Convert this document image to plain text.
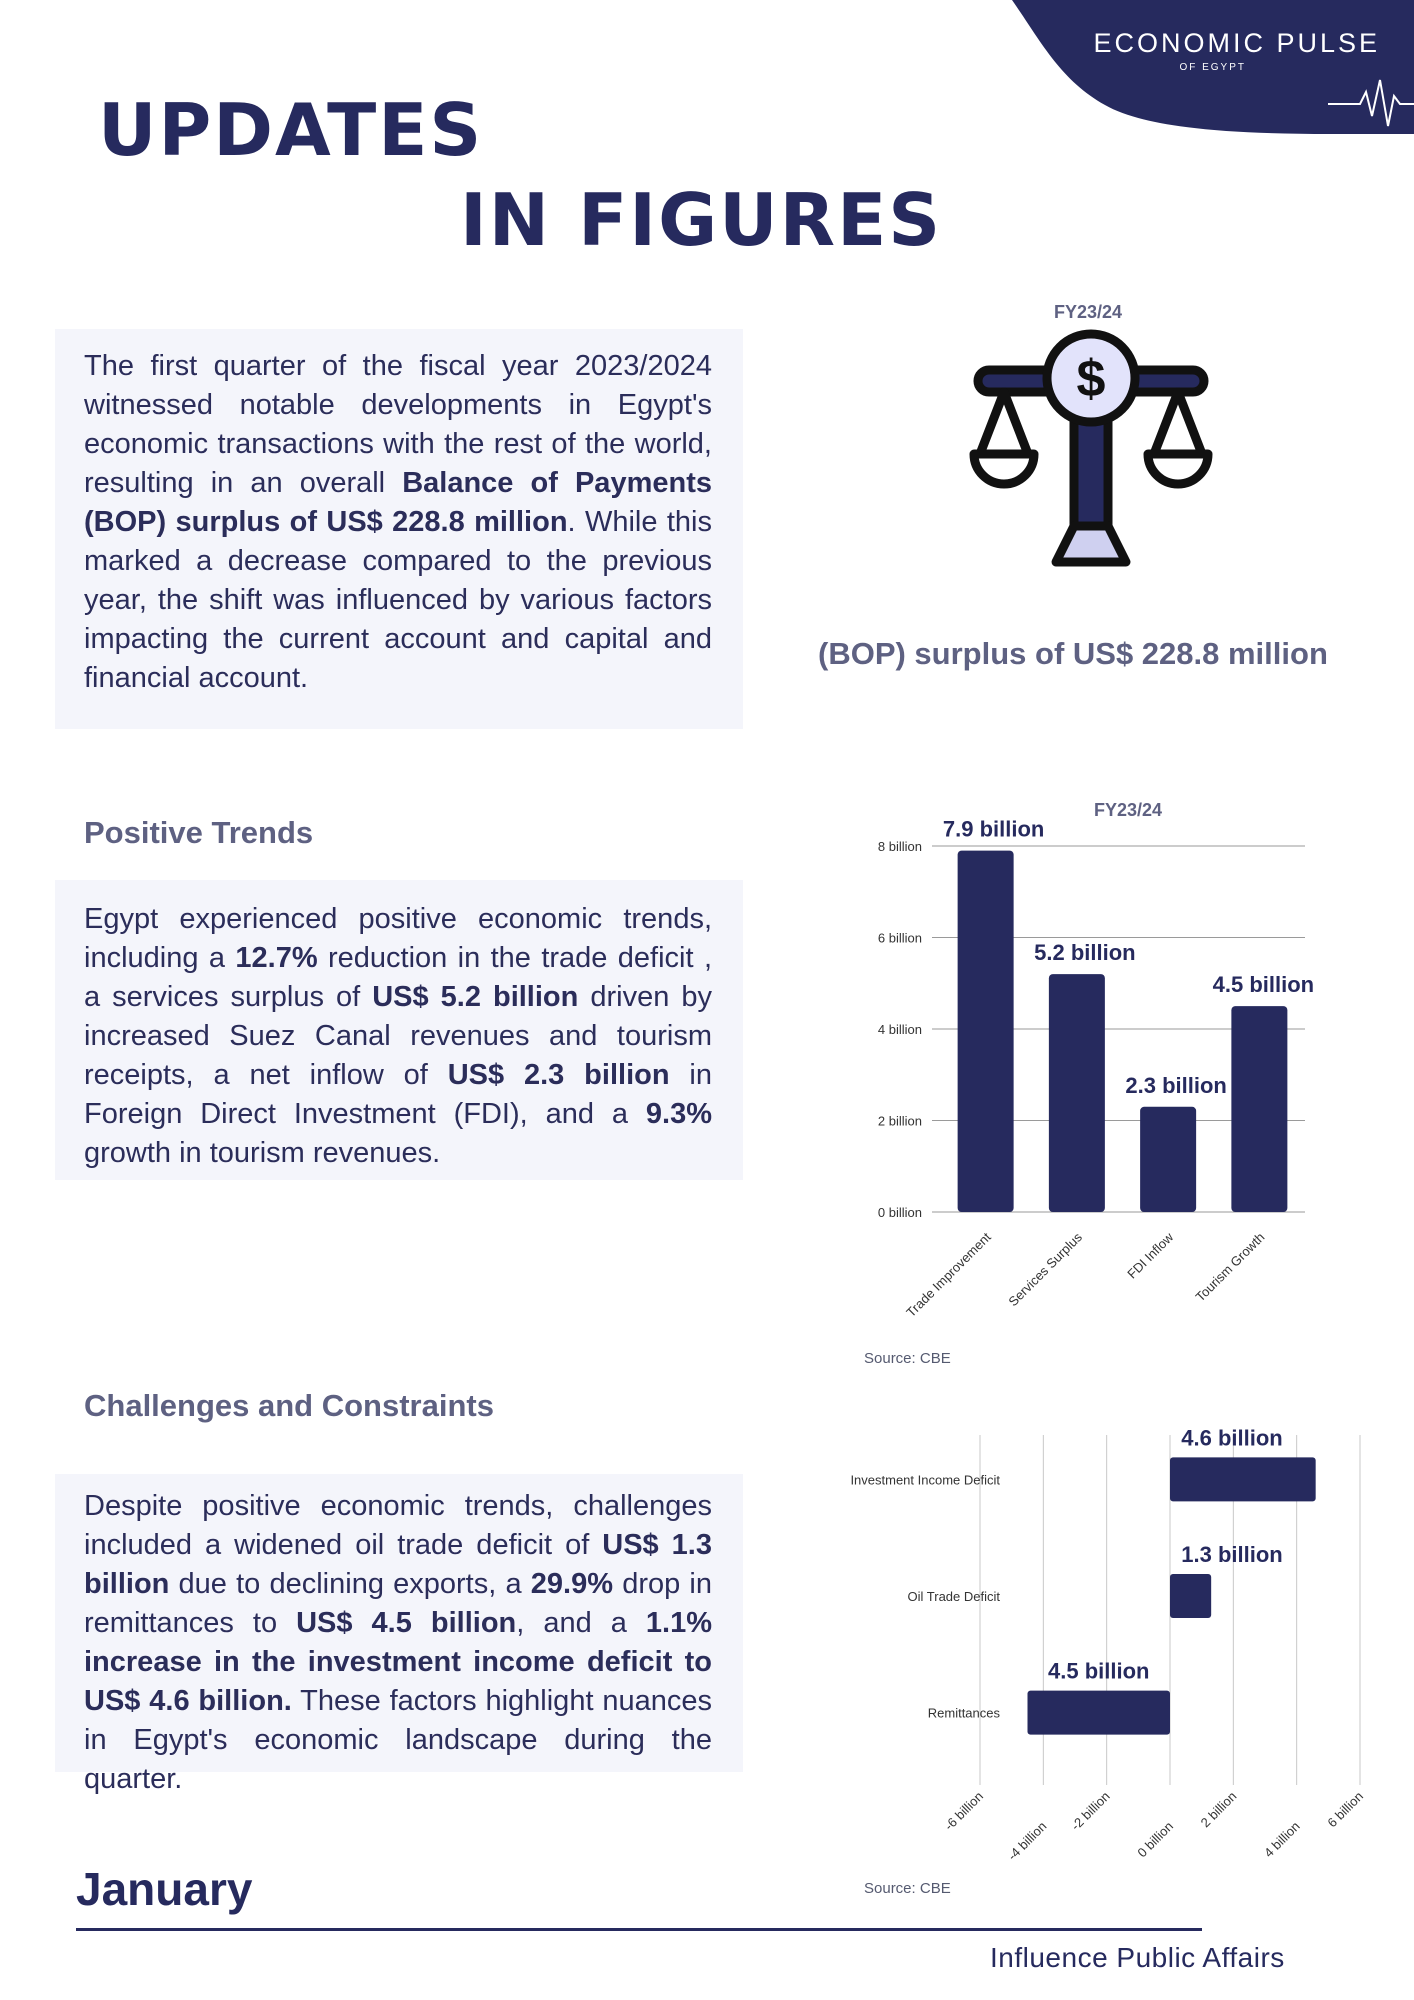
ECONOMIC PULSE
OF EGYPT
UPDATES
IN FIGURES
The first quarter of the fiscal year 2023/2024 witnessed notable developments in Egypt's economic transactions with the rest of the world, resulting in an overall Balance of Payments (BOP) surplus of US$ 228.8 million. While this marked a decrease compared to the previous year, the shift was influenced by various factors impacting the current account and capital and financial account.
FY23/24
$
(BOP) surplus of US$ 228.8 million
Positive Trends
Egypt experienced positive economic trends, including a 12.7% reduction in the trade deficit , a services surplus of US$ 5.2 billion driven by increased Suez Canal revenues and tourism receipts, a net inflow of US$ 2.3 billion in Foreign Direct Investment (FDI), and a 9.3% growth in tourism revenues.
FY23/24
0 billion
2 billion
4 billion
6 billion
8 billion
7.9 billion
Trade Improvement
5.2 billion
Services Surplus
2.3 billion
FDI Inflow
4.5 billion
Tourism Growth
Source: CBE
Challenges and Constraints
Despite positive economic trends, challenges included a widened oil trade deficit of US$ 1.3 billion due to declining exports, a 29.9% drop in remittances to US$ 4.5 billion, and a 1.1% increase in the investment income deficit to US$ 4.6 billion. These factors highlight nuances in Egypt's economic landscape during the quarter.
-6 billion
-4 billion
-2 billion
0 billion
2 billion
4 billion
6 billion
Investment Income Deficit
4.6 billion
Oil Trade Deficit
1.3 billion
Remittances
4.5 billion
Source: CBE
January
Influence Public Affairs
